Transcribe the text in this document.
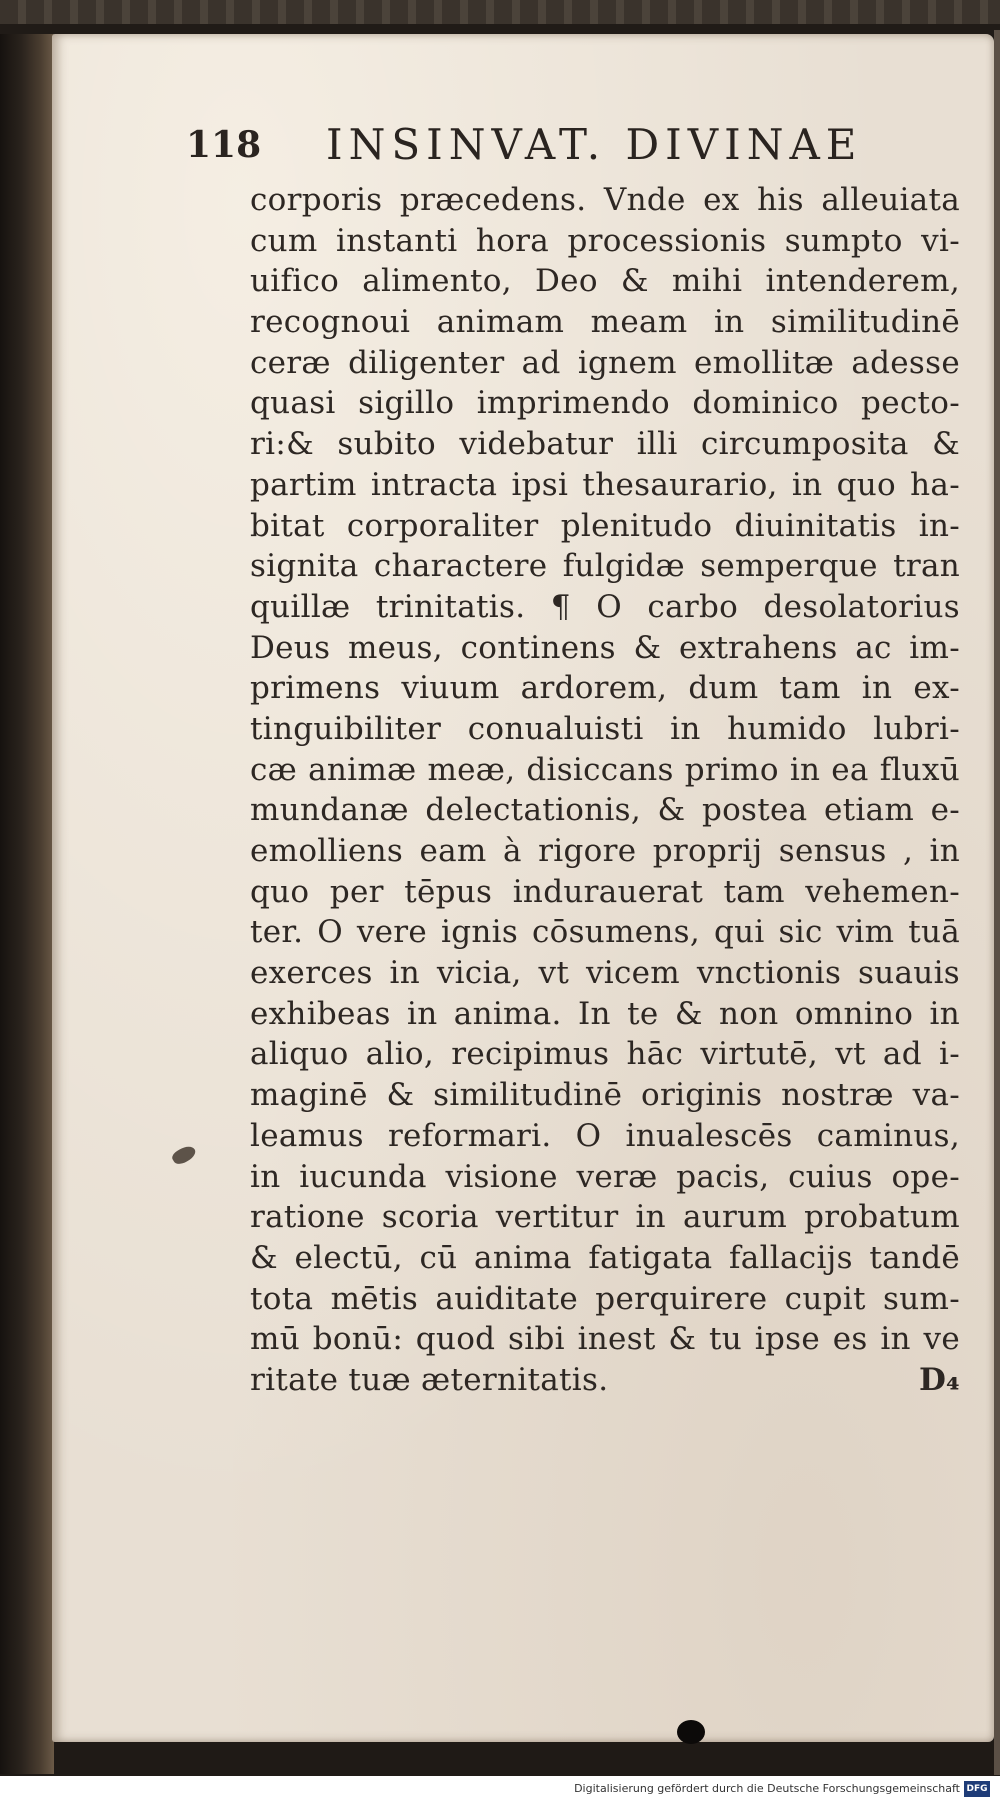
118 INSINVAT. DIVINAE
corporis præcedens. Vnde ex his alleuiata
cum instanti hora processionis sumpto vi-
uifico alimento, Deo & mihi intenderem,
recognoui animam meam in similitudinē
ceræ diligenter ad ignem emollitæ adesse
quasi sigillo imprimendo dominico pecto-
ri:& subito videbatur illi circumposita &
partim intracta ipsi thesaurario, in quo ha-
bitat corporaliter plenitudo diuinitatis in-
signita charactere fulgidæ semperque tran
quillæ trinitatis. ¶ O carbo desolatorius
Deus meus, continens & extrahens ac im-
primens viuum ardorem, dum tam in ex-
tinguibiliter conualuisti in humido lubri-
cæ animæ meæ, disiccans primo in ea fluxū
mundanæ delectationis, & postea etiam e-
emolliens eam à rigore proprij sensus , in
quo per tēpus indurauerat tam vehemen-
ter. O vere ignis cōsumens, qui sic vim tuā
exerces in vicia, vt vicem vnctionis suauis
exhibeas in anima. In te & non omnino in
aliquo alio, recipimus hāc virtutē, vt ad i-
maginē & similitudinē originis nostræ va-
leamus reformari. O inualescēs caminus,
in iucunda visione veræ pacis, cuius ope-
ratione scoria vertitur in aurum probatum
& electū, cū anima fatigata fallacijs tandē
tota mētis auiditate perquirere cupit sum-
mū bonū: quod sibi inest & tu ipse es in ve
ritate tuæ æternitatis.	D₄
Digitalisierung gefördert durch die Deutsche Forschungsgemeinschaft DFG
